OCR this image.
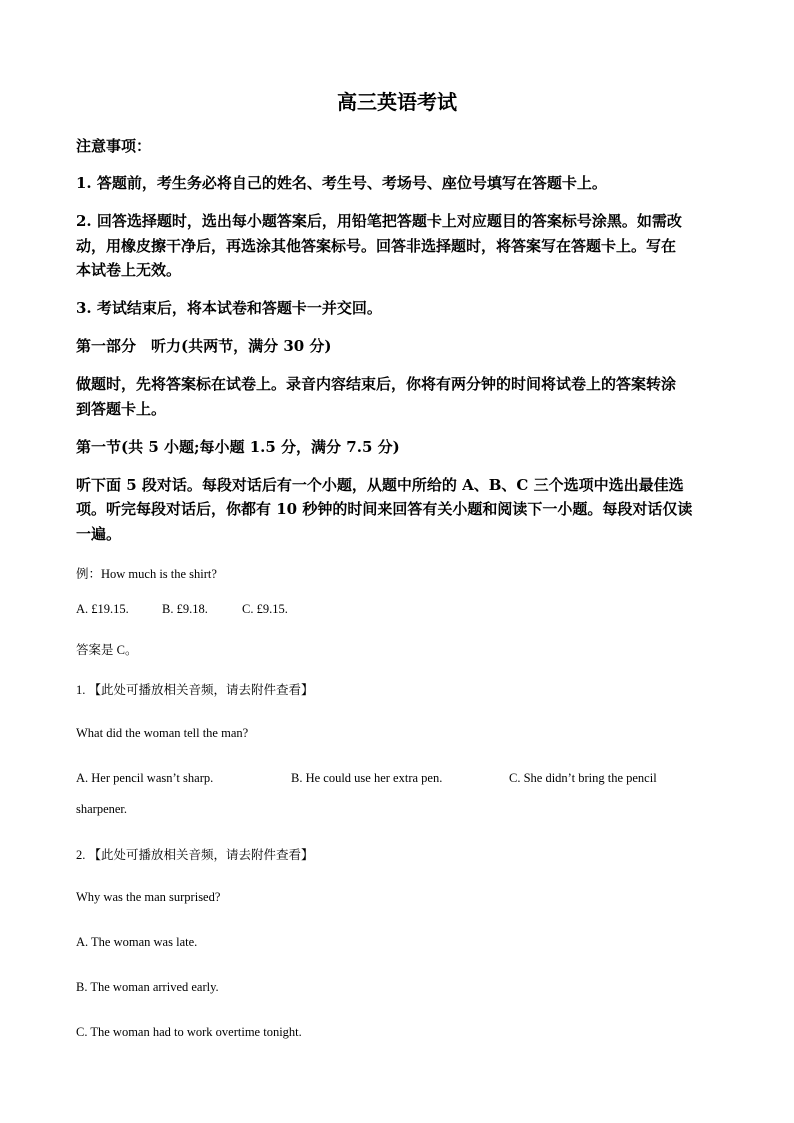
高三英语考试
注意事项：
1. 答题前，考生务必将自己的姓名、考生号、考场号、座位号填写在答题卡上。
2. 回答选择题时，选出每小题答案后，用铅笔把答题卡上对应题目的答案标号涂黑。如需改
动，用橡皮擦干净后，再选涂其他答案标号。回答非选择题时，将答案写在答题卡上。写在
本试卷上无效。
3. 考试结束后，将本试卷和答题卡一并交回。
第一部分　听力(共两节，满分 30 分)
做题时，先将答案标在试卷上。录音内容结束后，你将有两分钟的时间将试卷上的答案转涂
到答题卡上。
第一节(共 5 小题;每小题 1.5 分，满分 7.5 分)
听下面 5 段对话。每段对话后有一个小题，从题中所给的 A、B、C 三个选项中选出最佳选
项。听完每段对话后，你都有 10 秒钟的时间来回答有关小题和阅读下一小题。每段对话仅读
一遍。
例：How much is the shirt?
A. £19.15.	B. £9.18.	C. £9.15.
答案是 C。
1. 【此处可播放相关音频，请去附件查看】
What did the woman tell the man?
A. Her pencil wasn’t sharp.	B. He could use her extra pen.	C. She didn’t bring the pencil
sharpener.
2. 【此处可播放相关音频，请去附件查看】
Why was the man surprised?
A. The woman was late.
B. The woman arrived early.
C. The woman had to work overtime tonight.
